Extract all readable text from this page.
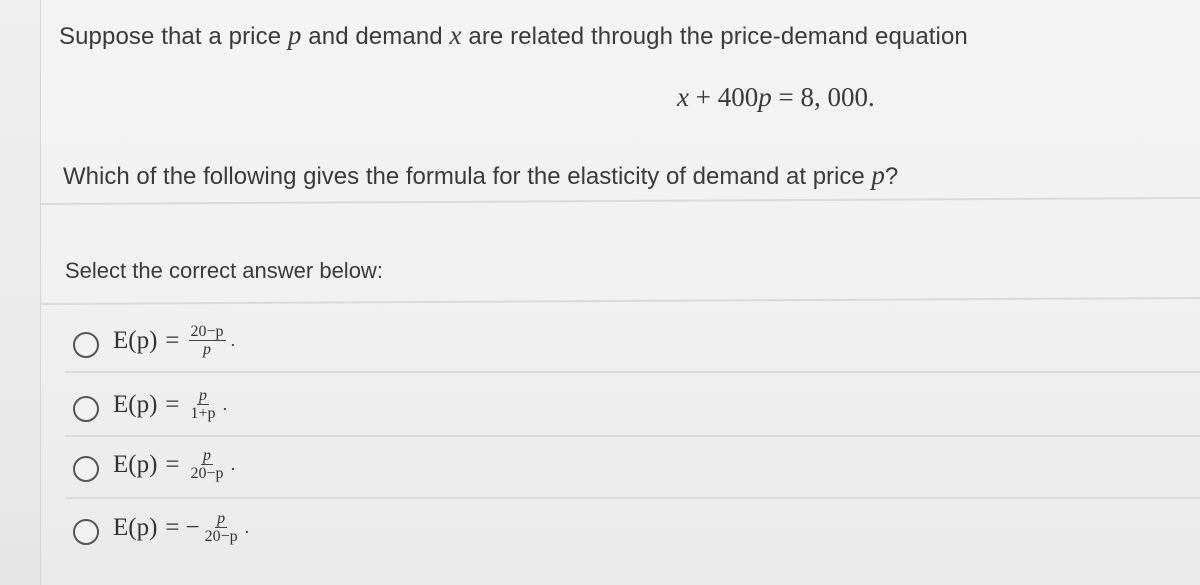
Suppose that a price p and demand x are related through the price-demand equation
x + 400p = 8, 000.
Which of the following gives the formula for the elasticity of demand at price p?
Select the correct answer below:
$E(p) = \frac{20-p}{p}$ .
$E(p) = \frac{p}{1+p}$ .
$E(p) = \frac{p}{20-p}$ .
E(p) = − $\frac{p}{20-p}$ .
